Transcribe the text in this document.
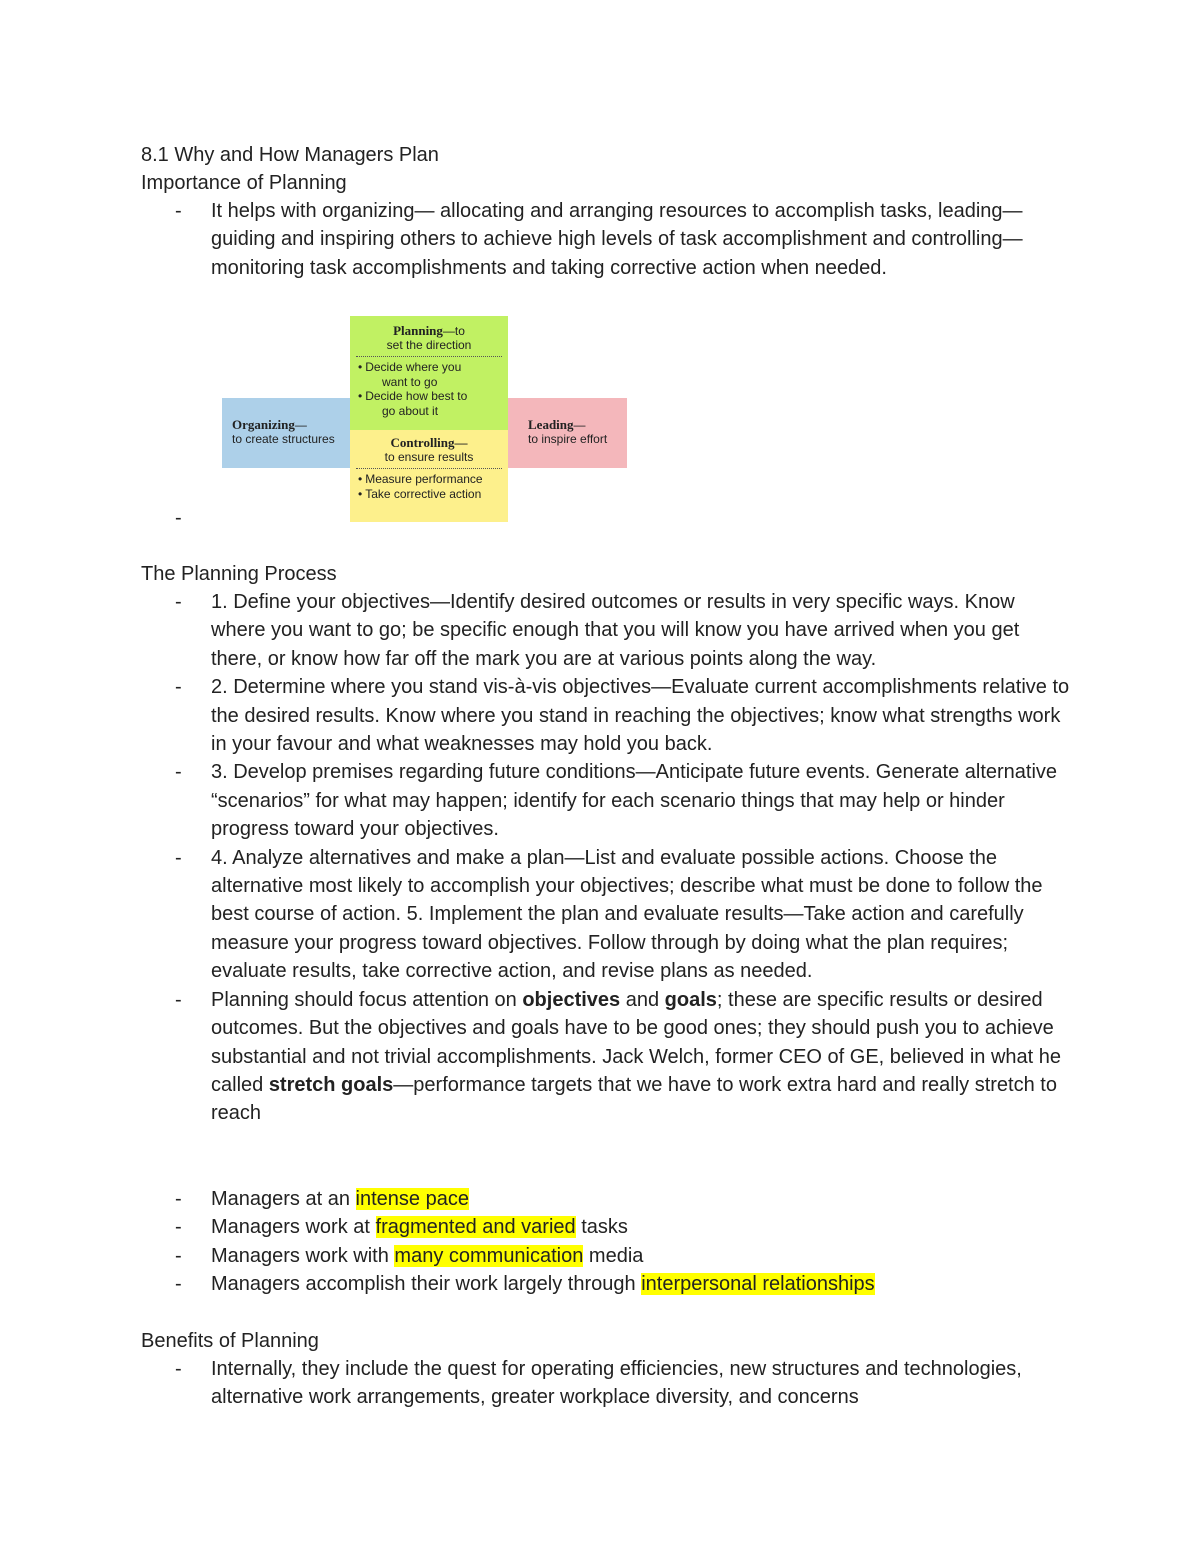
8.1 Why and How Managers Plan
Importance of Planning
- It helps with organizing— allocating and arranging resources to accomplish tasks, leading—guiding and inspiring others to achieve high levels of task accomplishment and controlling—monitoring task accomplishments and taking corrective action when needed.
Organizing—
to create structures
Leading—
to inspire effort
Planning—to
set the direction
• Decide where you
want to go
• Decide how best to
go about it
Controlling—
to ensure results
• Measure performance
• Take corrective action
The Planning Process
- 1. Define your objectives—Identify desired outcomes or results in very specific ways. Know where you want to go; be specific enough that you will know you have arrived when you get there, or know how far off the mark you are at various points along the way.
- 2. Determine where you stand vis-à-vis objectives—Evaluate current accomplishments relative to the desired results. Know where you stand in reaching the objectives; know what strengths work in your favour and what weaknesses may hold you back.
- 3. Develop premises regarding future conditions—Anticipate future events. Generate alternative “scenarios” for what may happen; identify for each scenario things that may help or hinder progress toward your objectives.
- 4. Analyze alternatives and make a plan—List and evaluate possible actions. Choose the alternative most likely to accomplish your objectives; describe what must be done to follow the best course of action. 5. Implement the plan and evaluate results—Take action and carefully measure your progress toward objectives. Follow through by doing what the plan requires; evaluate results, take corrective action, and revise plans as needed.
- Planning should focus attention on objectives and goals; these are specific results or desired outcomes. But the objectives and goals have to be good ones; they should push you to achieve substantial and not trivial accomplishments. Jack Welch, former CEO of GE, believed in what he called stretch goals—performance targets that we have to work extra hard and really stretch to reach
- Managers at an intense pace
- Managers work at fragmented and varied tasks
- Managers work with many communication media
- Managers accomplish their work largely through interpersonal relationships
Benefits of Planning
- Internally, they include the quest for operating efficiencies, new structures and technologies, alternative work arrangements, greater workplace diversity, and concerns
